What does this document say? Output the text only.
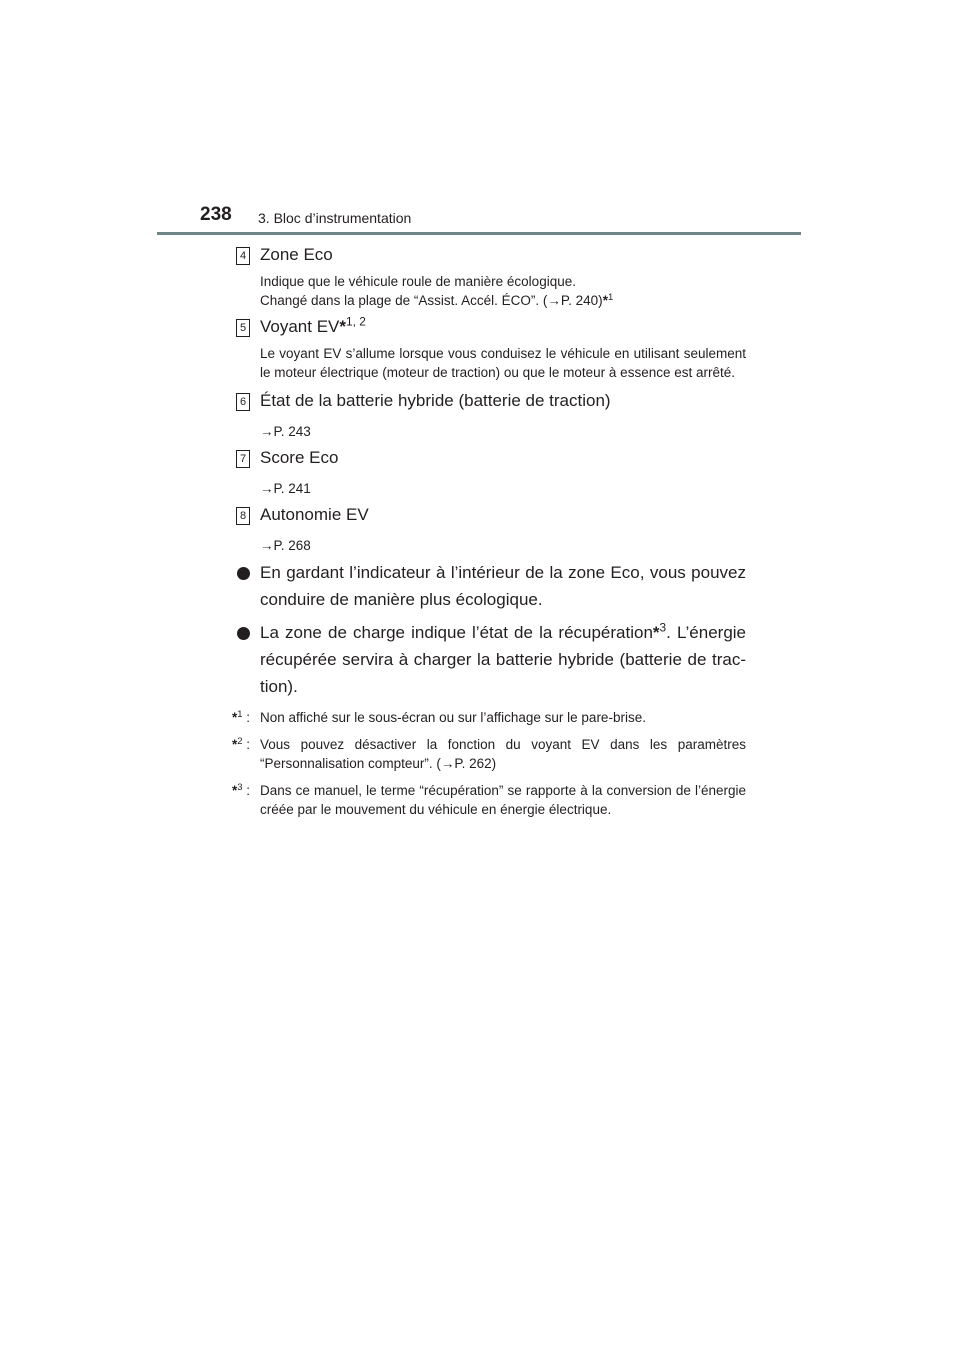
238 3. Bloc d’instrumentation
4 Zone Eco

Indique que le véhicule roule de manière écologique.

Changé dans la plage de “Assist. Accél. ÉCO”. (→P. 240)*$^1$

5 Voyant EV*$^{1, 2}$
Le voyant EV s’allume lorsque vous conduisez le véhicule en utilisant seulement le moteur électrique (moteur de traction) ou que le moteur à essence est arrêté.
6 État de la batterie hybride (batterie de traction)
→P. 243
7 Score Eco
→P. 241
8 Autonomie EV
→P. 268
En gardant l’indicateur à l’intérieur de la zone Eco, vous pouvez conduire de manière plus écologique.
La zone de charge indique l’état de la récupération*$^3$. L’énergie récupérée servira à charger la batterie hybride (batterie de trac-tion).
*$^1$ : Non affiché sur le sous-écran ou sur l’affichage sur le pare-brise.
*$^2$ : Vous pouvez désactiver la fonction du voyant EV dans les paramètres “Personnalisation compteur”. (→P. 262)
*$^3$ : Dans ce manuel, le terme “récupération” se rapporte à la conversion de l’énergie créée par le mouvement du véhicule en énergie électrique.
